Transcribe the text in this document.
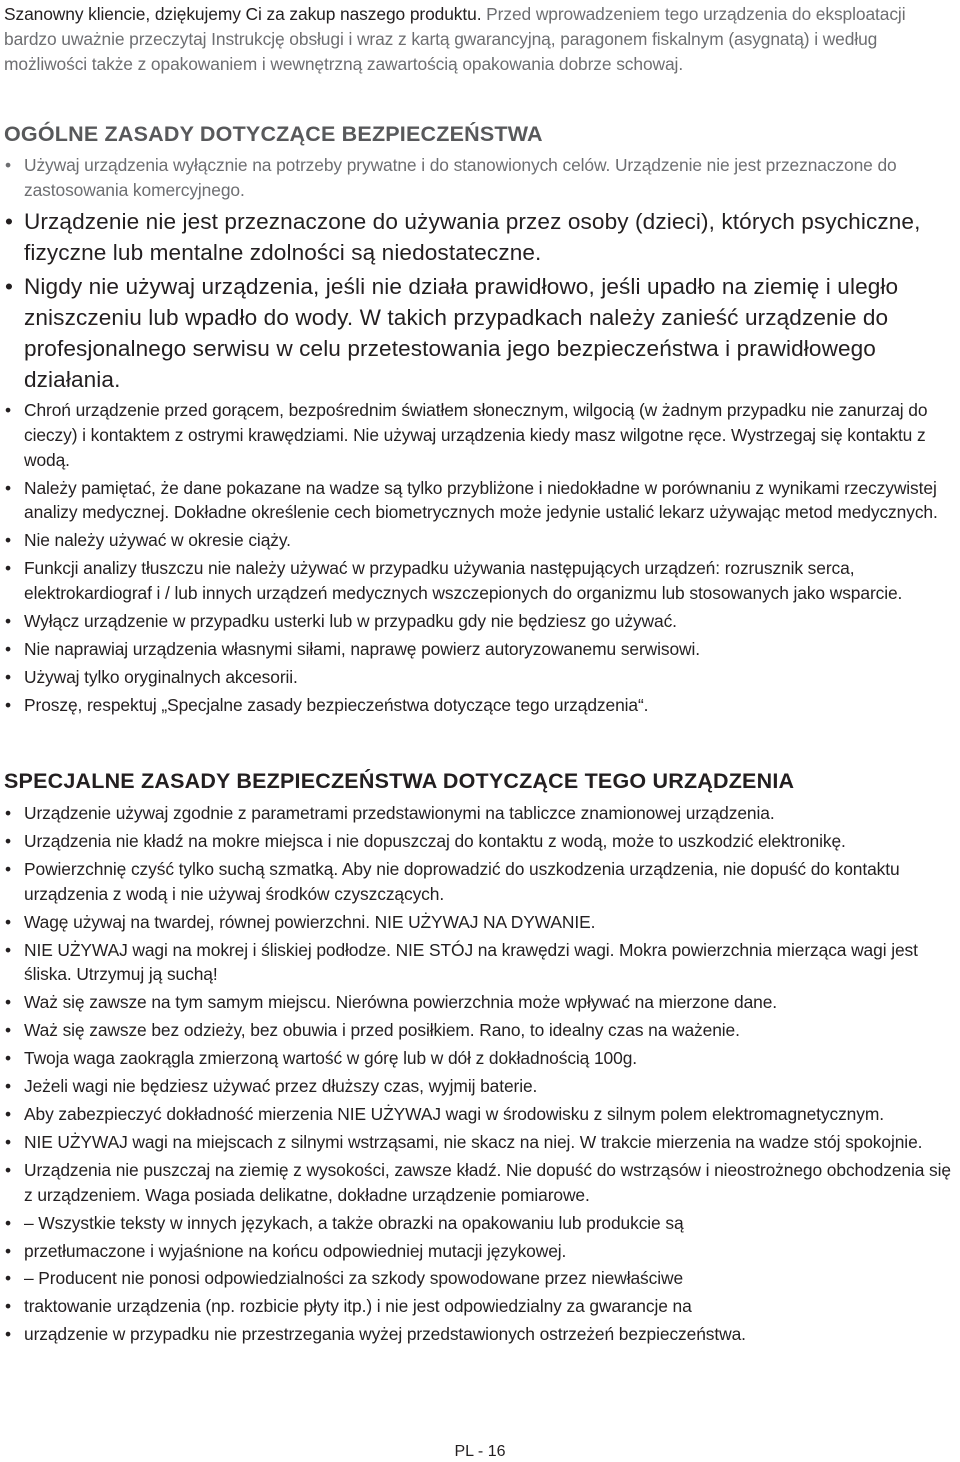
Szanowny kliencie, dziękujemy Ci za zakup naszego produktu. Przed wprowadzeniem tego urządzenia do eksploatacji bardzo uważnie przeczytaj Instrukcję obsługi i wraz z kartą gwarancyjną, paragonem fiskalnym (asygnatą) i według możliwości także z opakowaniem i wewnętrzną zawartością opakowania dobrze schowaj.

OGÓLNE ZASADY DOTYCZĄCE BEZPIECZEŃSTWA
• Używaj urządzenia wyłącznie na potrzeby prywatne i do stanowionych celów. Urządzenie nie jest przeznaczone do zastosowania komercyjnego.
• Urządzenie nie jest przeznaczone do używania przez osoby (dzieci), których psychiczne, fizyczne lub mentalne zdolności są niedostateczne.
• Nigdy nie używaj urządzenia, jeśli nie działa prawidłowo, jeśli upadło na ziemię i uległo zniszczeniu lub wpadło do wody. W takich przypadkach należy zanieść urządzenie do profesjonalnego serwisu w celu przetestowania jego bezpieczeństwa i prawidłowego działania.
• Chroń urządzenie przed gorącem, bezpośrednim światłem słonecznym, wilgocią (w żadnym przypadku nie zanurzaj do cieczy) i kontaktem z ostrymi krawędziami. Nie używaj urządzenia kiedy masz wilgotne ręce. Wystrzegaj się kontaktu z wodą.
• Należy pamiętać, że dane pokazane na wadze są tylko przybliżone i niedokładne w porównaniu z wynikami rzeczywistej analizy medycznej. Dokładne określenie cech biometrycznych może jedynie ustalić lekarz używając metod medycznych.
• Nie należy używać w okresie ciąży.
• Funkcji analizy tłuszczu nie należy używać w przypadku używania następujących urządzeń: rozrusznik serca, elektrokardiograf i / lub innych urządzeń medycznych wszczepionych do organizmu lub stosowanych jako wsparcie.
• Wyłącz urządzenie w przypadku usterki lub w przypadku gdy nie będziesz go używać.
• Nie naprawiaj urządzenia własnymi siłami, naprawę powierz autoryzowanemu serwisowi.
• Używaj tylko oryginalnych akcesorii.
• Proszę, respektuj „Specjalne zasady bezpieczeństwa dotyczące tego urządzenia“.
SPECJALNE ZASADY BEZPIECZEŃSTWA DOTYCZĄCE TEGO URZĄDZENIA
• Urządzenie używaj zgodnie z parametrami przedstawionymi na tabliczce znamionowej urządzenia.
• Urządzenia nie kładź na mokre miejsca i nie dopuszczaj do kontaktu z wodą, może to uszkodzić elektronikę.
• Powierzchnię czyść tylko suchą szmatką. Aby nie doprowadzić do uszkodzenia urządzenia, nie dopuść do kontaktu urządzenia z wodą i nie używaj środków czyszczących.
• Wagę używaj na twardej, równej powierzchni. NIE UŻYWAJ NA DYWANIE.
• NIE UŻYWAJ wagi na mokrej i śliskiej podłodze. NIE STÓJ na krawędzi wagi. Mokra powierzchnia mierząca wagi jest śliska. Utrzymuj ją suchą!
• Waż się zawsze na tym samym miejscu. Nierówna powierzchnia może wpływać na mierzone dane.
• Waż się zawsze bez odzieży, bez obuwia i przed posiłkiem. Rano, to idealny czas na ważenie.
• Twoja waga zaokrągla zmierzoną wartość w górę lub w dół z dokładnością 100g.
• Jeżeli wagi nie będziesz używać przez dłuższy czas, wyjmij baterie.
• Aby zabezpieczyć dokładność mierzenia NIE UŻYWAJ wagi w środowisku z silnym polem elektromagnetycznym.
• NIE UŻYWAJ wagi na miejscach z silnymi wstrząsami, nie skacz na niej. W trakcie mierzenia na wadze stój spokojnie.
• Urządzenia nie puszczaj na ziemię z wysokości, zawsze kładź. Nie dopuść do wstrząsów i nieostrożnego obchodzenia się z urządzeniem. Waga posiada delikatne, dokładne urządzenie pomiarowe.
• – Wszystkie teksty w innych językach, a także obrazki na opakowaniu lub produkcie są
• przetłumaczone i wyjaśnione na końcu odpowiedniej mutacji językowej.
• – Producent nie ponosi odpowiedzialności za szkody spowodowane przez niewłaściwe
• traktowanie urządzenia (np. rozbicie płyty itp.) i nie jest odpowiedzialny za gwarancje na
• urządzenie w przypadku nie przestrzegania wyżej przedstawionych ostrzeżeń bezpieczeństwa.
PL - 16
